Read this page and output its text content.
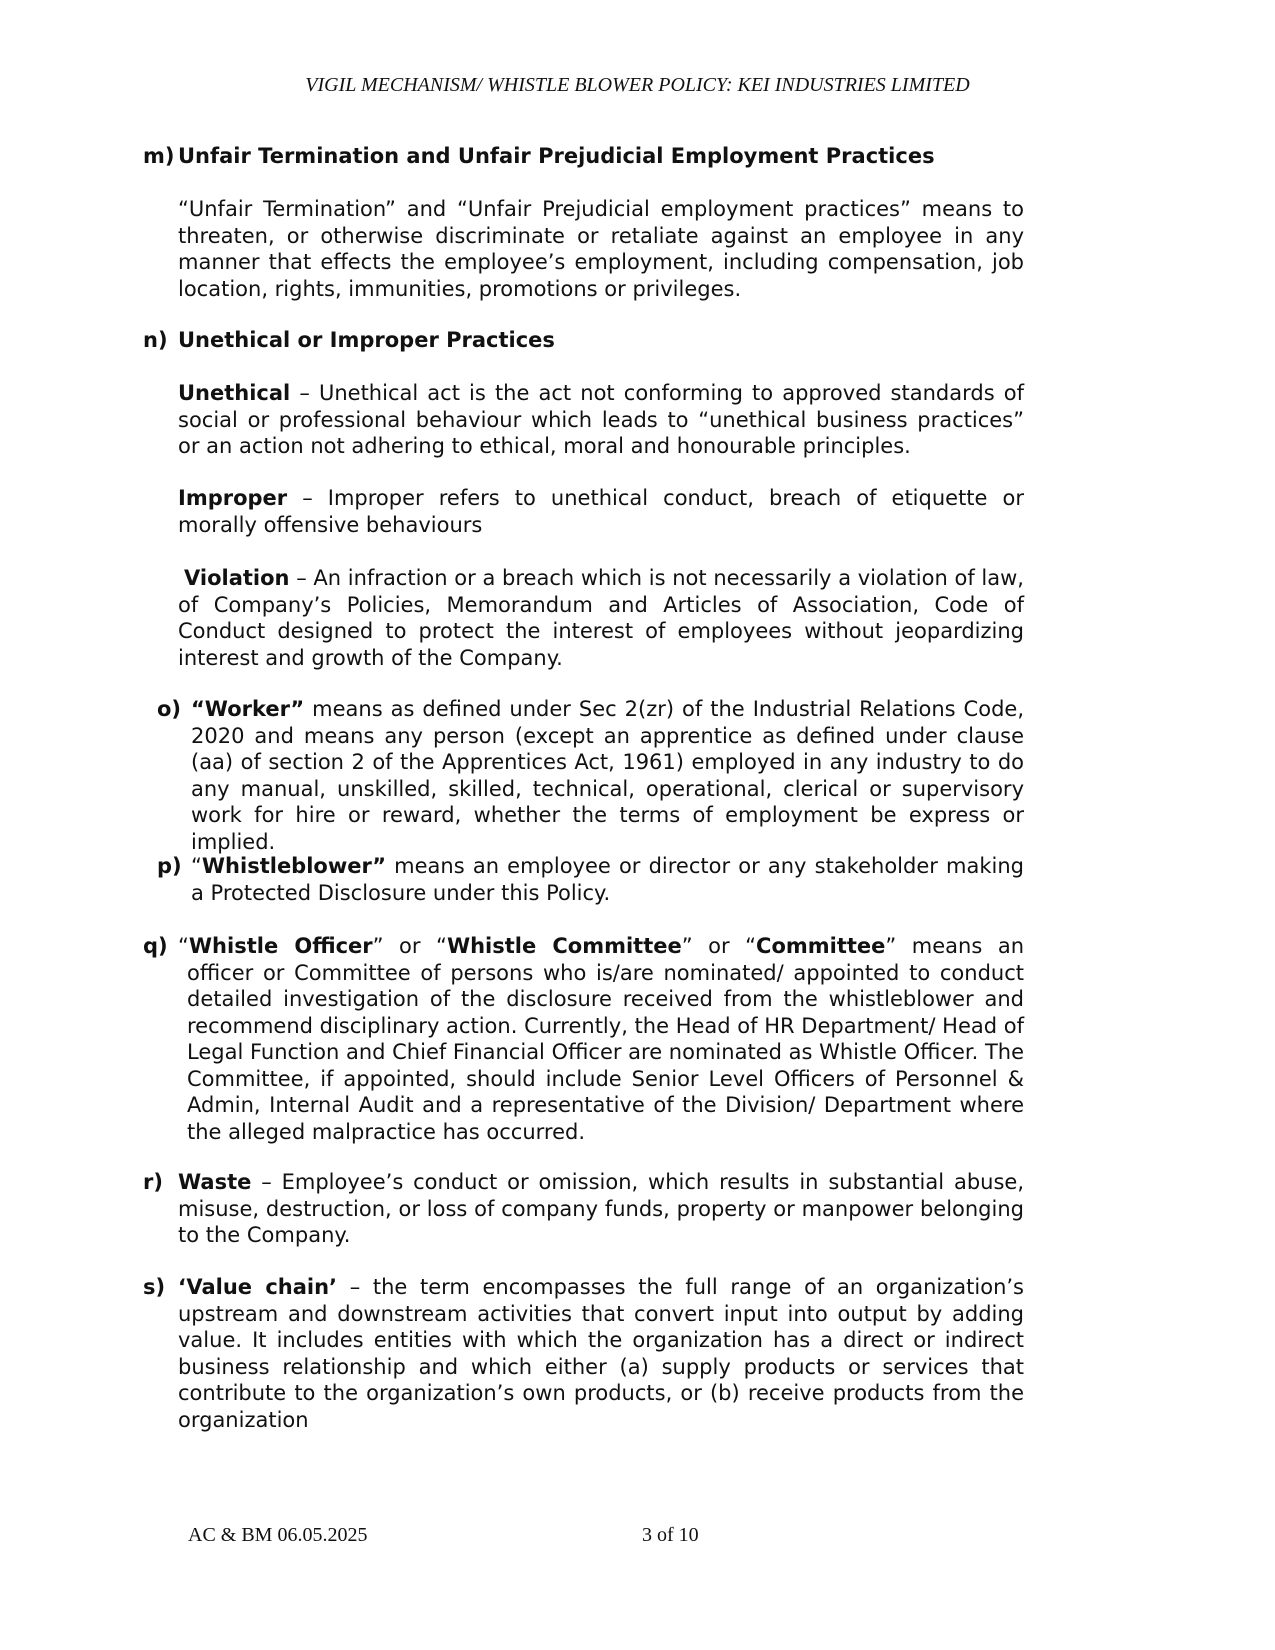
VIGIL MECHANISM/ WHISTLE BLOWER POLICY: KEI INDUSTRIES LIMITED
m) Unfair Termination and Unfair Prejudicial Employment Practices
“Unfair Termination” and “Unfair Prejudicial employment practices” means to threaten, or otherwise discriminate or retaliate against an employee in any manner that effects the employee’s employment, including compensation, job location, rights, immunities, promotions or privileges.
n) Unethical or Improper Practices
Unethical – Unethical act is the act not conforming to approved standards of social or professional behaviour which leads to “unethical business practices” or an action not adhering to ethical, moral and honourable principles.
Improper – Improper refers to unethical conduct, breach of etiquette or morally offensive behaviours
Violation – An infraction or a breach which is not necessarily a violation of law, of Company’s Policies, Memorandum and Articles of Association, Code of Conduct designed to protect the interest of employees without jeopardizing interest and growth of the Company.
o) “Worker” means as defined under Sec 2(zr) of the Industrial Relations Code, 2020 and means any person (except an apprentice as defined under clause (aa) of section 2 of the Apprentices Act, 1961) employed in any industry to do any manual, unskilled, skilled, technical, operational, clerical or supervisory work for hire or reward, whether the terms of employment be express or implied.
p) “Whistleblower” means an employee or director or any stakeholder making a Protected Disclosure under this Policy.
q) “Whistle Officer” or “Whistle Committee” or “Committee” means an officer or Committee of persons who is/are nominated/ appointed to conduct detailed investigation of the disclosure received from the whistleblower and recommend disciplinary action. Currently, the Head of HR Department/ Head of Legal Function and Chief Financial Officer are nominated as Whistle Officer. The Committee, if appointed, should include Senior Level Officers of Personnel & Admin, Internal Audit and a representative of the Division/ Department where the alleged malpractice has occurred.
r) Waste – Employee’s conduct or omission, which results in substantial abuse, misuse, destruction, or loss of company funds, property or manpower belonging to the Company.
s) ‘Value chain’ – the term encompasses the full range of an organization’s upstream and downstream activities that convert input into output by adding value. It includes entities with which the organization has a direct or indirect business relationship and which either (a) supply products or services that contribute to the organization’s own products, or (b) receive products from the organization
AC & BM 06.05.2025	3 of 10
